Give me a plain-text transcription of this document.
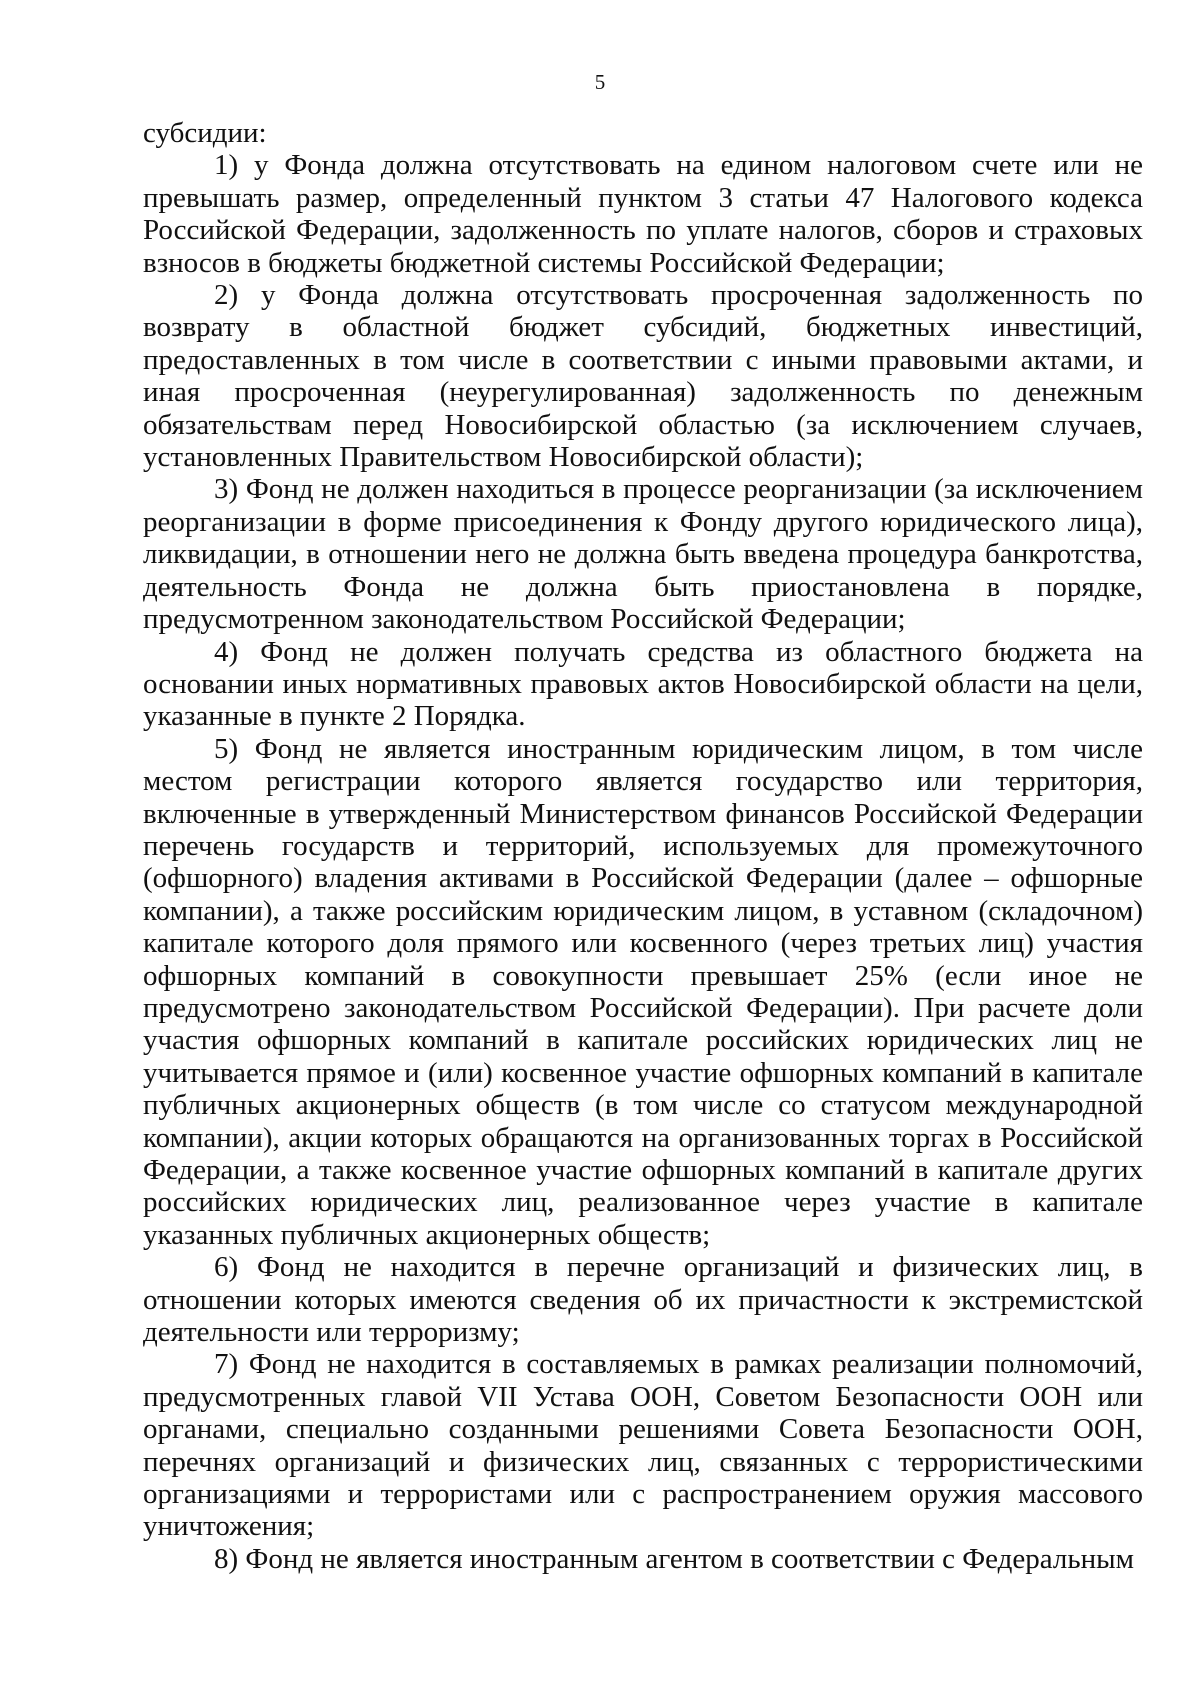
5

субсидии:

1) у Фонда должна отсутствовать на едином налоговом счете или не превышать размер, определенный пунктом 3 статьи 47 Налогового кодекса Российской Федерации, задолженность по уплате налогов, сборов и страховых взносов в бюджеты бюджетной системы Российской Федерации;

2) у Фонда должна отсутствовать просроченная задолженность по возврату в областной бюджет субсидий, бюджетных инвестиций, предоставленных в том числе в соответствии с иными правовыми актами, и иная просроченная (неурегулированная) задолженность по денежным обязательствам перед Новосибирской областью (за исключением случаев, установленных Правительством Новосибирской области);

3) Фонд не должен находиться в процессе реорганизации (за исключением реорганизации в форме присоединения к Фонду другого юридического лица), ликвидации, в отношении него не должна быть введена процедура банкротства, деятельность Фонда не должна быть приостановлена в порядке, предусмотренном законодательством Российской Федерации;

4) Фонд не должен получать средства из областного бюджета на основании иных нормативных правовых актов Новосибирской области на цели, указанные в пункте 2 Порядка.

5) Фонд не является иностранным юридическим лицом, в том числе местом регистрации которого является государство или территория, включенные в утвержденный Министерством финансов Российской Федерации перечень государств и территорий, используемых для промежуточного (офшорного) владения активами в Российской Федерации (далее – офшорные компании), а также российским юридическим лицом, в уставном (складочном) капитале которого доля прямого или косвенного (через третьих лиц) участия офшорных компаний в совокупности превышает 25% (если иное не предусмотрено законодательством Российской Федерации). При расчете доли участия офшорных компаний в капитале российских юридических лиц не учитывается прямое и (или) косвенное участие офшорных компаний в капитале публичных акционерных обществ (в том числе со статусом международной компании), акции которых обращаются на организованных торгах в Российской Федерации, а также косвенное участие офшорных компаний в капитале других российских юридических лиц, реализованное через участие в капитале указанных публичных акционерных обществ;

6) Фонд не находится в перечне организаций и физических лиц, в отношении которых имеются сведения об их причастности к экстремистской деятельности или терроризму;

7) Фонд не находится в составляемых в рамках реализации полномочий, предусмотренных главой VII Устава ООН, Советом Безопасности ООН или органами, специально созданными решениями Совета Безопасности ООН, перечнях организаций и физических лиц, связанных с террористическими организациями и террористами или с распространением оружия массового уничтожения;

8) Фонд не является иностранным агентом в соответствии с Федеральным
